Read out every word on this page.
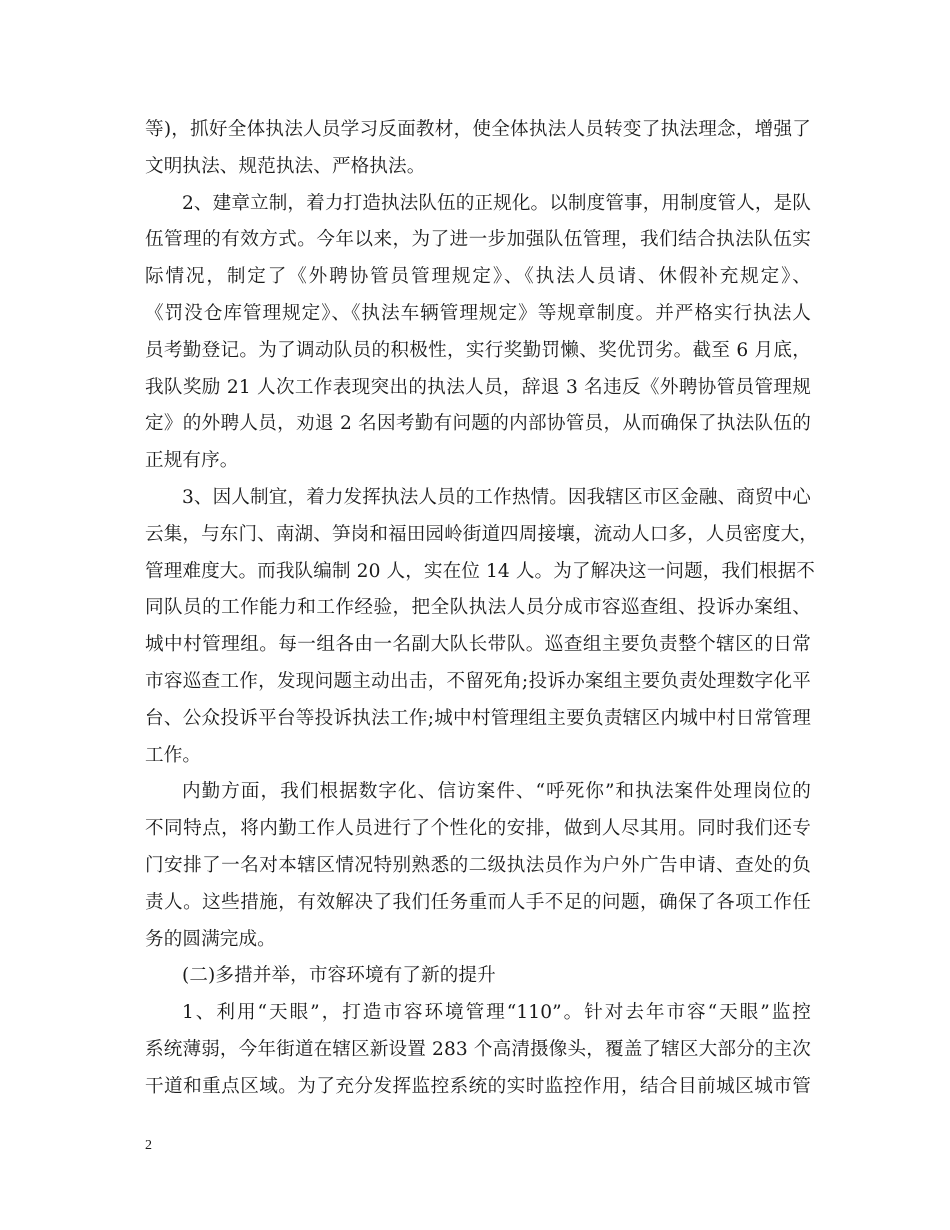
等)，抓好全体执法人员学习反面教材，使全体执法人员转变了执法理念，增强了
文明执法、规范执法、严格执法。
2、建章立制，着力打造执法队伍的正规化。以制度管事，用制度管人，是队
伍管理的有效方式。今年以来，为了进一步加强队伍管理，我们结合执法队伍实
际情况，制定了《外聘协管员管理规定》、《执法人员请、休假补充规定》、
《罚没仓库管理规定》、《执法车辆管理规定》等规章制度。并严格实行执法人
员考勤登记。为了调动队员的积极性，实行奖勤罚懒、奖优罚劣。截至 6 月底，
我队奖励 21 人次工作表现突出的执法人员，辞退 3 名违反《外聘协管员管理规
定》的外聘人员，劝退 2 名因考勤有问题的内部协管员，从而确保了执法队伍的
正规有序。
3、因人制宜，着力发挥执法人员的工作热情。因我辖区市区金融、商贸中心
云集，与东门、南湖、笋岗和福田园岭街道四周接壤，流动人口多，人员密度大，
管理难度大。而我队编制 20 人，实在位 14 人。为了解决这一问题，我们根据不
同队员的工作能力和工作经验，把全队执法人员分成市容巡查组、投诉办案组、
城中村管理组。每一组各由一名副大队长带队。巡查组主要负责整个辖区的日常
市容巡查工作，发现问题主动出击，不留死角;投诉办案组主要负责处理数字化平
台、公众投诉平台等投诉执法工作;城中村管理组主要负责辖区内城中村日常管理
工作。
内勤方面，我们根据数字化、信访案件、“呼死你”和执法案件处理岗位的
不同特点，将内勤工作人员进行了个性化的安排，做到人尽其用。同时我们还专
门安排了一名对本辖区情况特别熟悉的二级执法员作为户外广告申请、查处的负
责人。这些措施，有效解决了我们任务重而人手不足的问题，确保了各项工作任
务的圆满完成。
(二)多措并举，市容环境有了新的提升
1、利用“天眼”，打造市容环境管理“110”。针对去年市容“天眼”监控
系统薄弱，今年街道在辖区新设置 283 个高清摄像头，覆盖了辖区大部分的主次
干道和重点区域。为了充分发挥监控系统的实时监控作用，结合目前城区城市管
2
